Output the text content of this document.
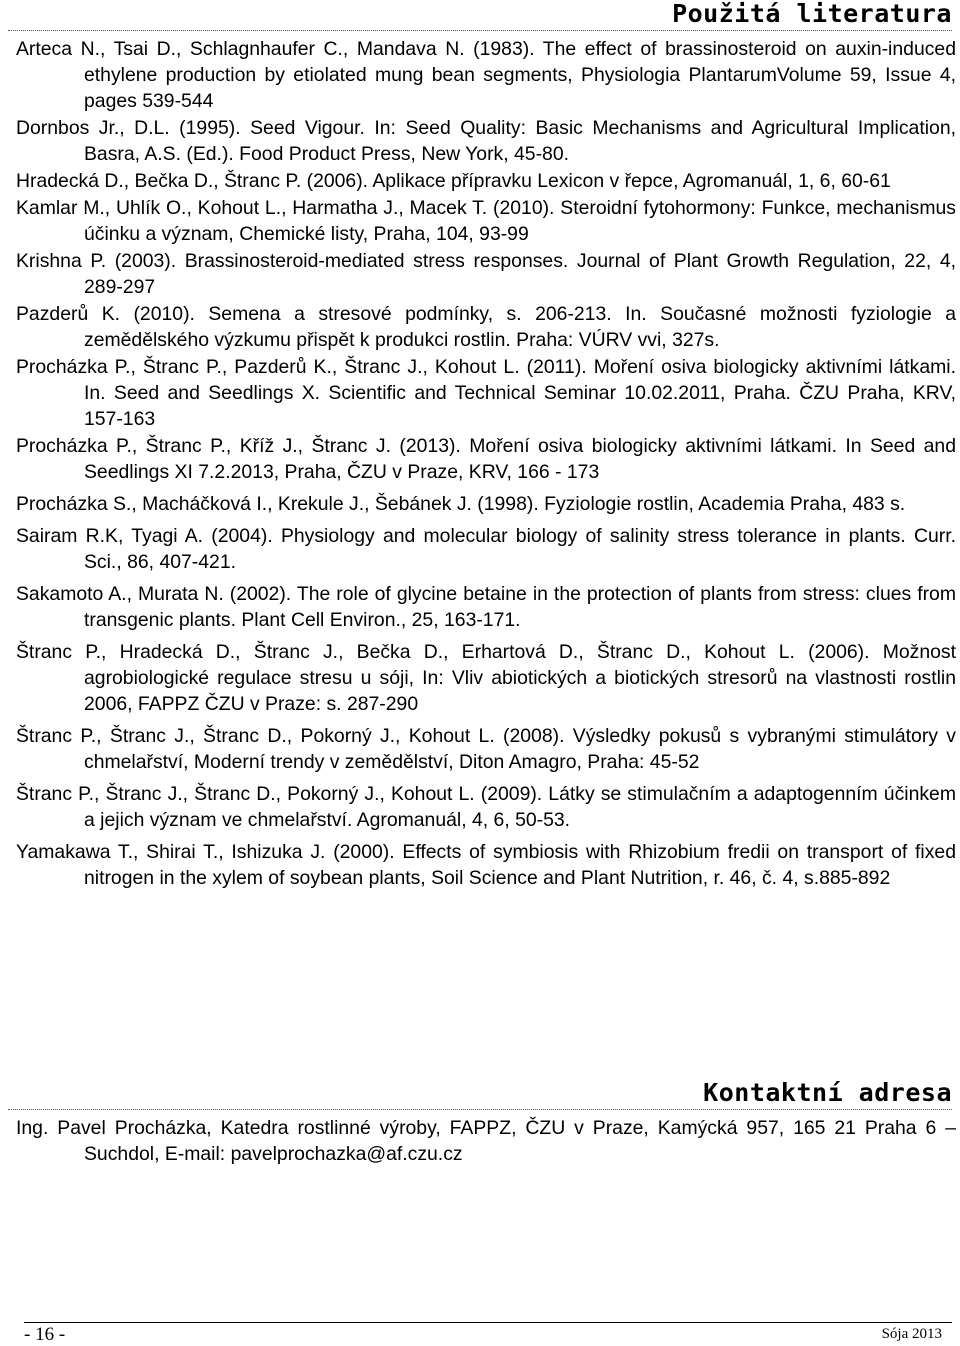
Použitá literatura

Arteca N., Tsai D., Schlagnhaufer C., Mandava N. (1983). The effect of brassinosteroid on auxin-induced ethylene production by etiolated mung bean segments, Physiologia PlantarumVolume 59, Issue 4, pages 539-544

Dornbos Jr., D.L. (1995). Seed Vigour. In: Seed Quality: Basic Mechanisms and Agricultural Implication, Basra, A.S. (Ed.). Food Product Press, New York, 45-80.

Hradecká D., Bečka D., Štranc P. (2006). Aplikace přípravku Lexicon v řepce, Agromanuál, 1, 6, 60-61

Kamlar M., Uhlík O., Kohout L., Harmatha J., Macek T. (2010). Steroidní fytohormony: Funkce, mechanismus účinku a význam, Chemické listy, Praha, 104, 93-99

Krishna P. (2003). Brassinosteroid-mediated stress responses. Journal of Plant Growth Regulation, 22, 4, 289-297

Pazderů K. (2010). Semena a stresové podmínky, s. 206-213. In. Současné možnosti fyziologie a zemědělského výzkumu přispět k produkci rostlin. Praha: VÚRV vvi, 327s.

Procházka P., Štranc P., Pazderů K., Štranc J., Kohout L. (2011). Moření osiva biologicky aktivními látkami. In. Seed and Seedlings X. Scientific and Technical Seminar 10.02.2011, Praha. ČZU Praha, KRV, 157-163

Procházka P., Štranc P., Kříž J., Štranc J. (2013). Moření osiva biologicky aktivními látkami. In Seed and Seedlings XI 7.2.2013, Praha, ČZU v Praze, KRV, 166 - 173

Procházka S., Macháčková I., Krekule J., Šebánek J. (1998). Fyziologie rostlin, Academia Praha, 483 s.

Sairam R.K, Tyagi A. (2004). Physiology and molecular biology of salinity stress tolerance in plants. Curr. Sci., 86, 407-421.

Sakamoto A., Murata N. (2002). The role of glycine betaine in the protection of plants from stress: clues from transgenic plants. Plant Cell Environ., 25, 163-171.

Štranc P., Hradecká D., Štranc J., Bečka D., Erhartová D., Štranc D., Kohout L. (2006). Možnost agrobiologické regulace stresu u sóji, In: Vliv abiotických a biotických stresorů na vlastnosti rostlin 2006, FAPPZ ČZU v Praze: s. 287-290

Štranc P., Štranc J., Štranc D., Pokorný J., Kohout L. (2008). Výsledky pokusů s vybranými stimulátory v chmelařství, Moderní trendy v zemědělství, Diton Amagro, Praha: 45-52

Štranc P., Štranc J., Štranc D., Pokorný J., Kohout L. (2009). Látky se stimulačním a adaptogenním účinkem a jejich význam ve chmelařství. Agromanuál, 4, 6, 50-53.

Yamakawa T., Shirai T., Ishizuka J. (2000). Effects of symbiosis with Rhizobium fredii on transport of fixed nitrogen in the xylem of soybean plants, Soil Science and Plant Nutrition, r. 46, č. 4, s.885-892

Kontaktní adresa
Ing. Pavel Procházka, Katedra rostlinné výroby, FAPPZ, ČZU v Praze, Kamýcká 957, 165 21 Praha 6 – Suchdol, E-mail: pavelprochazka@af.czu.cz
- 16 -	Sója 2013
